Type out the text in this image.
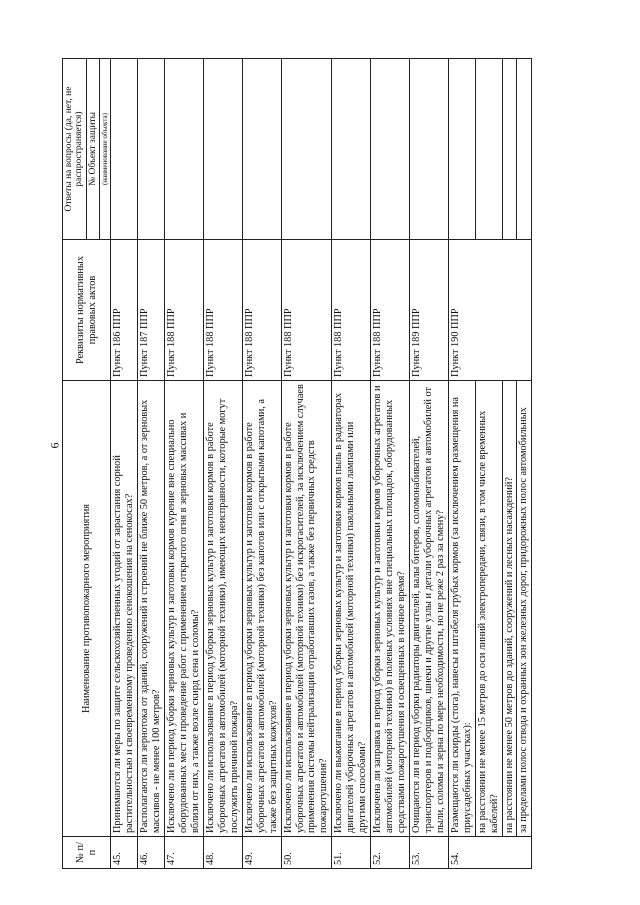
6
№ п/п	Наименование противопожарного мероприятия	Реквизиты нормативных правовых актов	Ответы на вопросы (да, нет, не распространяется)
			№ Объект защиты
			(наименование объекта)
45.	Принимаются ли меры по защите сельскохозяйственных угодий от зарастания сорной растительностью и своевременному проведению сенокошения на сенокосах?	Пункт 186 ППР	
46.	Располагаются ли зернотока от зданий, сооружений и строений не ближе 50 метров, а от зерновых массивов - не менее 100 метров?	Пункт 187 ППР	
47.	Исключено ли в период уборки зерновых культур и заготовки кормов курение вне специально оборудованных мест и проведение работ с применением открытого огня в зерновых массивах и вблизи от них, а также возле скирд сена и соломы?	Пункт 188 ППР	
48.	Исключено ли использование в период уборки зерновых культур и заготовки кормов в работе уборочных агрегатов и автомобилей (моторной техники), имеющих неисправности, которые могут послужить причиной пожара?	Пункт 188 ППР	
49.	Исключено ли использование в период уборки зерновых культур и заготовки кормов в работе уборочных агрегатов и автомобилей (моторной техники) без капотов или с открытыми капотами, а также без защитных кожухов?	Пункт 188 ППР	
50.	Исключено ли использование в период уборки зерновых культур и заготовки кормов в работе уборочных агрегатов и автомобилей (моторной техники) без искрогасителей, за исключением случаев применения системы нейтрализации отработавших газов, а также без первичных средств пожаротушения?	Пункт 188 ППР	
51.	Исключено ли выжигание в период уборки зерновых культур и заготовки кормов пыль в радиаторах двигателей уборочных агрегатов и автомобилей (моторной техники) паяльными лампами или другими способами?	Пункт 188 ППР	
52.	Исключена ли заправка в период уборки зерновых культур и заготовки кормов уборочных агрегатов и автомобилей (моторной техники) в полевых условиях вне специальных площадок, оборудованных средствами пожаротушения и освещенных в ночное время?	Пункт 188 ППР	
53.	Очищаются ли в период уборки радиаторы двигателей, валы битеров, соломонабивателей, транспортеров и подборщиков, шнеки и другие узлы и детали уборочных агрегатов и автомобилей от пыли, соломы и зерна по мере необходимости, но не реже 2 раз за смену?	Пункт 189 ППР	
54.	Размещаются ли скирды (стога), навесы и штабеля грубых кормов (за исключением размещения на приусадебных участках):	Пункт 190 ППР	
	на расстоянии не менее 15 метров до оси линий электропередачи, связи, в том числе временных кабелей?		
	на расстоянии не менее 50 метров до зданий, сооружений и лесных насаждений?		
	за пределами полос отвода и охранных зон железных дорог, придорожных полос автомобильных		
